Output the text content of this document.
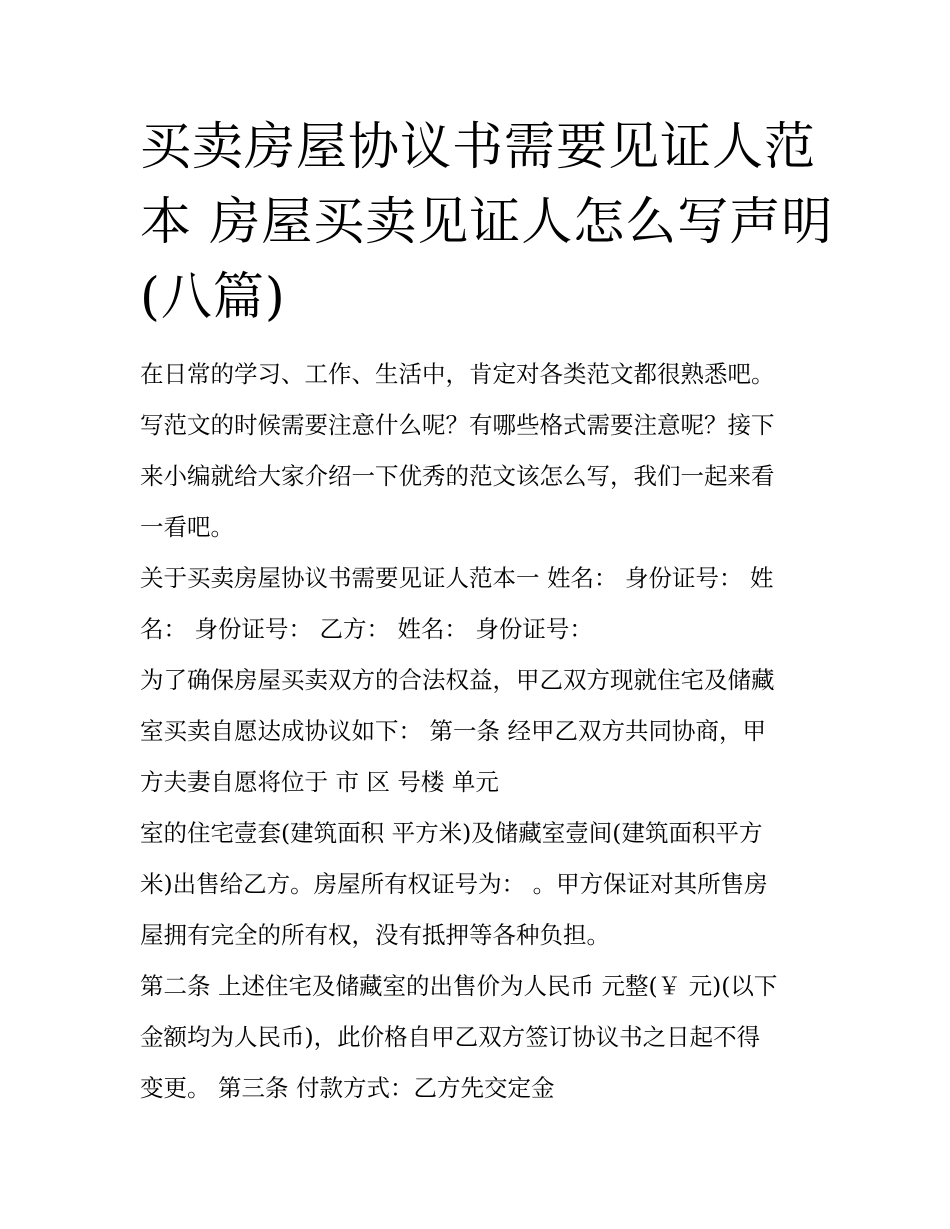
买卖房屋协议书需要见证人范
本 房屋买卖见证人怎么写声明
(八篇)

在日常的学习、工作、生活中，肯定对各类范文都很熟悉吧。
写范文的时候需要注意什么呢？有哪些格式需要注意呢？接下
来小编就给大家介绍一下优秀的范文该怎么写，我们一起来看
一看吧。

关于买卖房屋协议书需要见证人范本一 姓名： 身份证号： 姓
名： 身份证号： 乙方： 姓名： 身份证号：

为了确保房屋买卖双方的合法权益，甲乙双方现就住宅及储藏
室买卖自愿达成协议如下： 第一条 经甲乙双方共同协商，甲
方夫妻自愿将位于 市 区 号楼 单元

室的住宅壹套(建筑面积 平方米)及储藏室壹间(建筑面积平方
米)出售给乙方。房屋所有权证号为： 。甲方保证对其所售房
屋拥有完全的所有权，没有抵押等各种负担。

第二条 上述住宅及储藏室的出售价为人民币 元整(￥ 元)(以下
金额均为人民币)，此价格自甲乙双方签订协议书之日起不得
变更。 第三条 付款方式：乙方先交定金
